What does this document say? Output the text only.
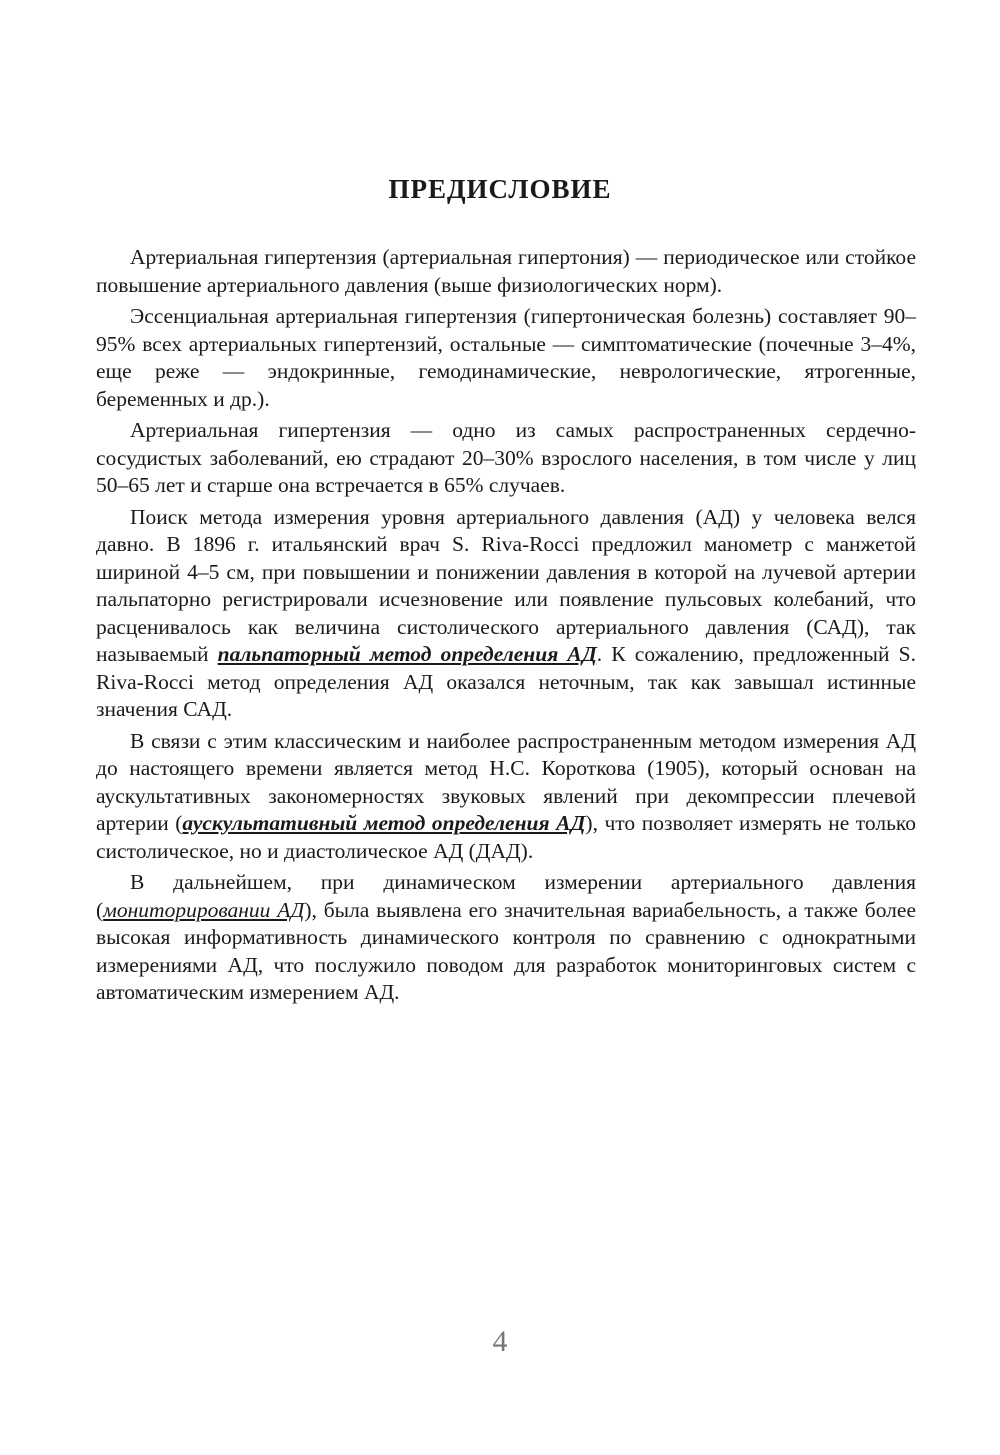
ПРЕДИСЛОВИЕ

Артериальная гипертензия (артериальная гипертония) — периодическое или стойкое повышение артериального давления (выше физиологических норм).

Эссенциальная артериальная гипертензия (гипертоническая болезнь) составляет 90–95% всех артериальных гипертензий, остальные — симптоматические (почечные 3–4%, еще реже — эндокринные, гемодинамические, неврологические, ятрогенные, беременных и др.).

Артериальная гипертензия — одно из самых распространенных сердечно-сосудистых заболеваний, ею страдают 20–30% взрослого населения, в том числе у лиц 50–65 лет и старше она встречается в 65% случаев.

Поиск метода измерения уровня артериального давления (АД) у человека велся давно. В 1896 г. итальянский врач S. Riva-Rocci предложил манометр с манжетой шириной 4–5 см, при повышении и понижении давления в которой на лучевой артерии пальпаторно регистрировали исчезновение или появление пульсовых колебаний, что расценивалось как величина систолического артериального давления (САД), так называемый пальпаторный метод определения АД. К сожалению, предложенный S. Riva-Rocci метод определения АД оказался неточным, так как завышал истинные значения САД.

В связи с этим классическим и наиболее распространенным методом измерения АД до настоящего времени является метод Н.С. Короткова (1905), который основан на аускультативных закономерностях звуковых явлений при декомпрессии плечевой артерии (аускультативный метод определения АД), что позволяет измерять не только систолическое, но и диастолическое АД (ДАД).

В дальнейшем, при динамическом измерении артериального давления (мониторировании АД), была выявлена его значительная вариабельность, а также более высокая информативность динамического контроля по сравнению с однократными измерениями АД, что послужило поводом для разработок мониторинговых систем с автоматическим измерением АД.

4
